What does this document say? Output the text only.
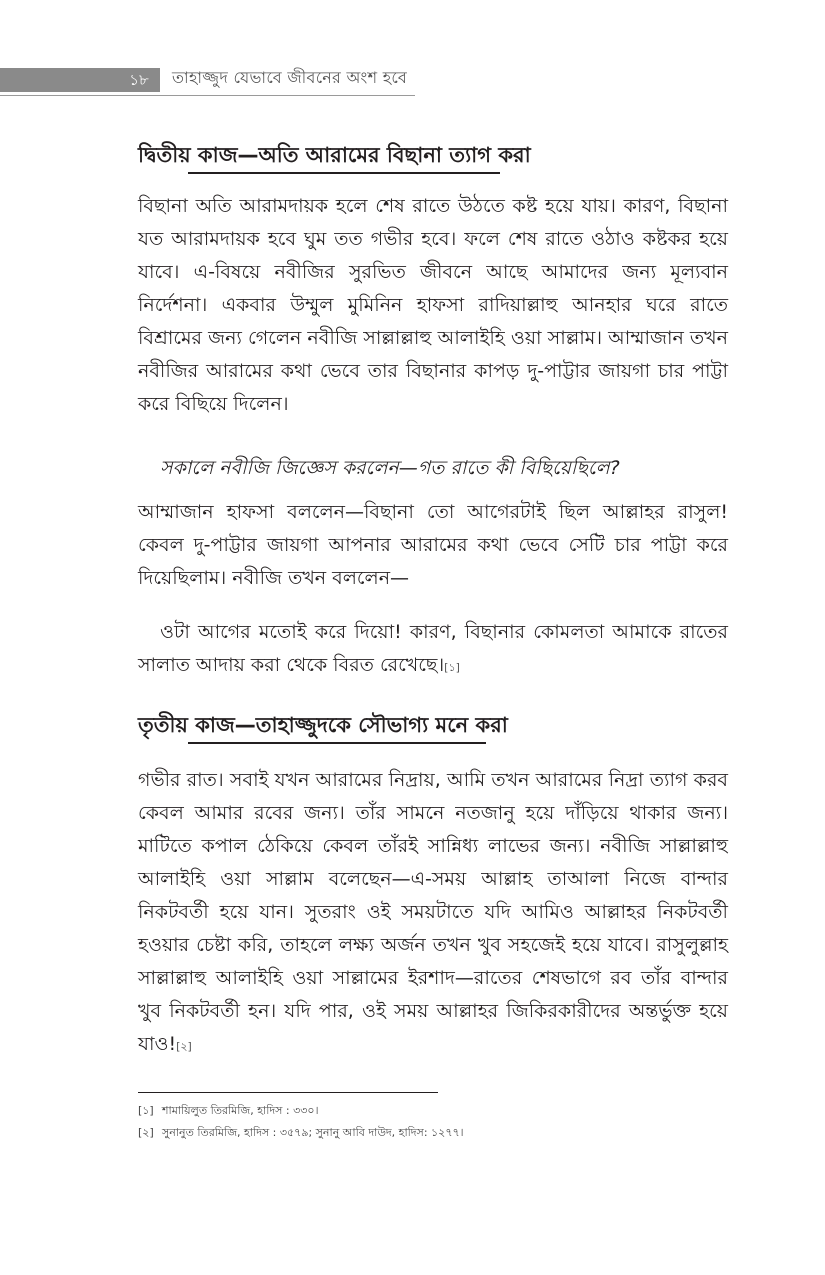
১৮	তাহাজ্জুদ যেভাবে জীবনের অংশ হবে
দ্বিতীয় কাজ—অতি আরামের বিছানা ত্যাগ করা

বিছানা অতি আরামদায়ক হলে শেষ রাতে উঠতে কষ্ট হয়ে যায়। কারণ, বিছানা যত আরামদায়ক হবে ঘুম তত গভীর হবে। ফলে শেষ রাতে ওঠাও কষ্টকর হয়ে যাবে। এ-বিষয়ে নবীজির সুরভিত জীবনে আছে আমাদের জন্য মূল্যবান নির্দেশনা। একবার উম্মুল মুমিনিন হাফসা রাদিয়াল্লাহু আনহার ঘরে রাতে বিশ্রামের জন্য গেলেন নবীজি সাল্লাল্লাহু আলাইহি ওয়া সাল্লাম। আম্মাজান তখন নবীজির আরামের কথা ভেবে তার বিছানার কাপড় দু-পাট্টার জায়গা চার পাট্টা করে বিছিয়ে দিলেন।

সকালে নবীজি জিজ্ঞেস করলেন—গত রাতে কী বিছিয়েছিলে?

আম্মাজান হাফসা বললেন—বিছানা তো আগেরটাই ছিল আল্লাহর রাসুল! কেবল দু-পাট্টার জায়গা আপনার আরামের কথা ভেবে সেটি চার পাট্টা করে দিয়েছিলাম। নবীজি তখন বললেন—

ওটা আগের মতোই করে দিয়ো! কারণ, বিছানার কোমলতা আমাকে রাতের সালাত আদায় করা থেকে বিরত রেখেছে।[১]

তৃতীয় কাজ—তাহাজ্জুদকে সৌভাগ্য মনে করা

গভীর রাত। সবাই যখন আরামের নিদ্রায়, আমি তখন আরামের নিদ্রা ত্যাগ করব কেবল আমার রবের জন্য। তাঁর সামনে নতজানু হয়ে দাঁড়িয়ে থাকার জন্য। মাটিতে কপাল ঠেকিয়ে কেবল তাঁরই সান্নিধ্য লাভের জন্য। নবীজি সাল্লাল্লাহু আলাইহি ওয়া সাল্লাম বলেছেন—এ-সময় আল্লাহ তাআলা নিজে বান্দার নিকটবর্তী হয়ে যান। সুতরাং ওই সময়টাতে যদি আমিও আল্লাহর নিকটবর্তী হওয়ার চেষ্টা করি, তাহলে লক্ষ্য অর্জন তখন খুব সহজেই হয়ে যাবে। রাসুলুল্লাহ সাল্লাল্লাহু আলাইহি ওয়া সাল্লামের ইরশাদ—রাতের শেষভাগে রব তাঁর বান্দার খুব নিকটবর্তী হন। যদি পার, ওই সময় আল্লাহর জিকিরকারীদের অন্তর্ভুক্ত হয়ে যাও![২]

[১] শামায়িলুত তিরমিজি, হাদিস : ৩৩০।
[২] সুনানুত তিরমিজি, হাদিস : ৩৫৭৯; সুনানু আবি দাউদ, হাদিস: ১২৭৭।
